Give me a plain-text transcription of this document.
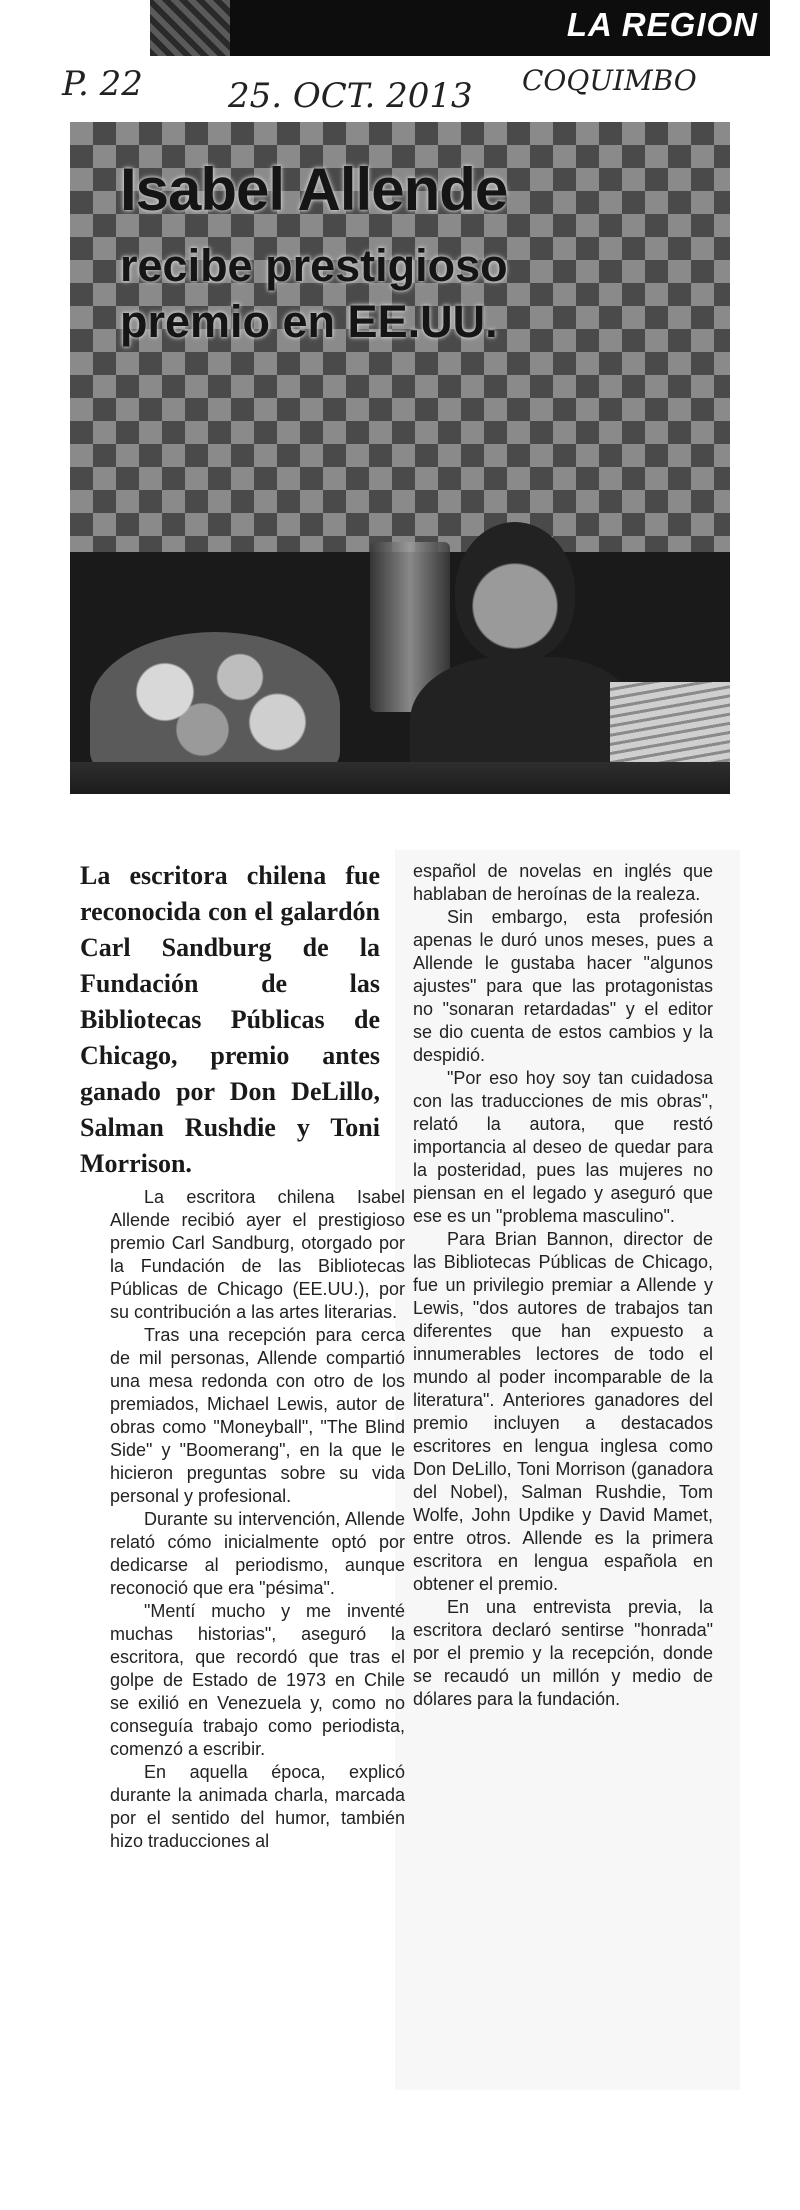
LA REGION
P. 22	25. OCT. 2013 COQUIMBO
Isabel Allende
recibe prestigioso premio en EE.UU.
La escritora chilena fue reconocida con el galardón Carl Sandburg de la Fundación de las Bibliotecas Públicas de Chicago, premio antes ganado por Don DeLillo, Salman Rushdie y Toni Morrison.

La escritora chilena Isabel Allende recibió ayer el prestigioso premio Carl Sandburg, otorgado por la Fundación de las Bibliotecas Públicas de Chicago (EE.UU.), por su contribución a las artes literarias.

Tras una recepción para cerca de mil personas, Allende compartió una mesa redonda con otro de los premiados, Michael Lewis, autor de obras como "Moneyball", "The Blind Side" y "Boomerang", en la que le hicieron preguntas sobre su vida personal y profesional.

Durante su intervención, Allende relató cómo inicialmente optó por dedicarse al periodismo, aunque reconoció que era "pésima".

"Mentí mucho y me inventé muchas historias", aseguró la escritora, que recordó que tras el golpe de Estado de 1973 en Chile se exilió en Venezuela y, como no conseguía trabajo como periodista, comenzó a escribir.

En aquella época, explicó durante la animada charla, marcada por el sentido del humor, también hizo traducciones al

español de novelas en inglés que hablaban de heroínas de la realeza.

Sin embargo, esta profesión apenas le duró unos meses, pues a Allende le gustaba hacer "algunos ajustes" para que las protagonistas no "sonaran retardadas" y el editor se dio cuenta de estos cambios y la despidió.

"Por eso hoy soy tan cuidadosa con las traducciones de mis obras", relató la autora, que restó importancia al deseo de quedar para la posteridad, pues las mujeres no piensan en el legado y aseguró que ese es un "problema masculino".

Para Brian Bannon, director de las Bibliotecas Públicas de Chicago, fue un privilegio premiar a Allende y Lewis, "dos autores de trabajos tan diferentes que han expuesto a innumerables lectores de todo el mundo al poder incomparable de la literatura". Anteriores ganadores del premio incluyen a destacados escritores en lengua inglesa como Don DeLillo, Toni Morrison (ganadora del Nobel), Salman Rushdie, Tom Wolfe, John Updike y David Mamet, entre otros. Allende es la primera escritora en lengua española en obtener el premio.

En una entrevista previa, la escritora declaró sentirse "honrada" por el premio y la recepción, donde se recaudó un millón y medio de dólares para la fundación.
